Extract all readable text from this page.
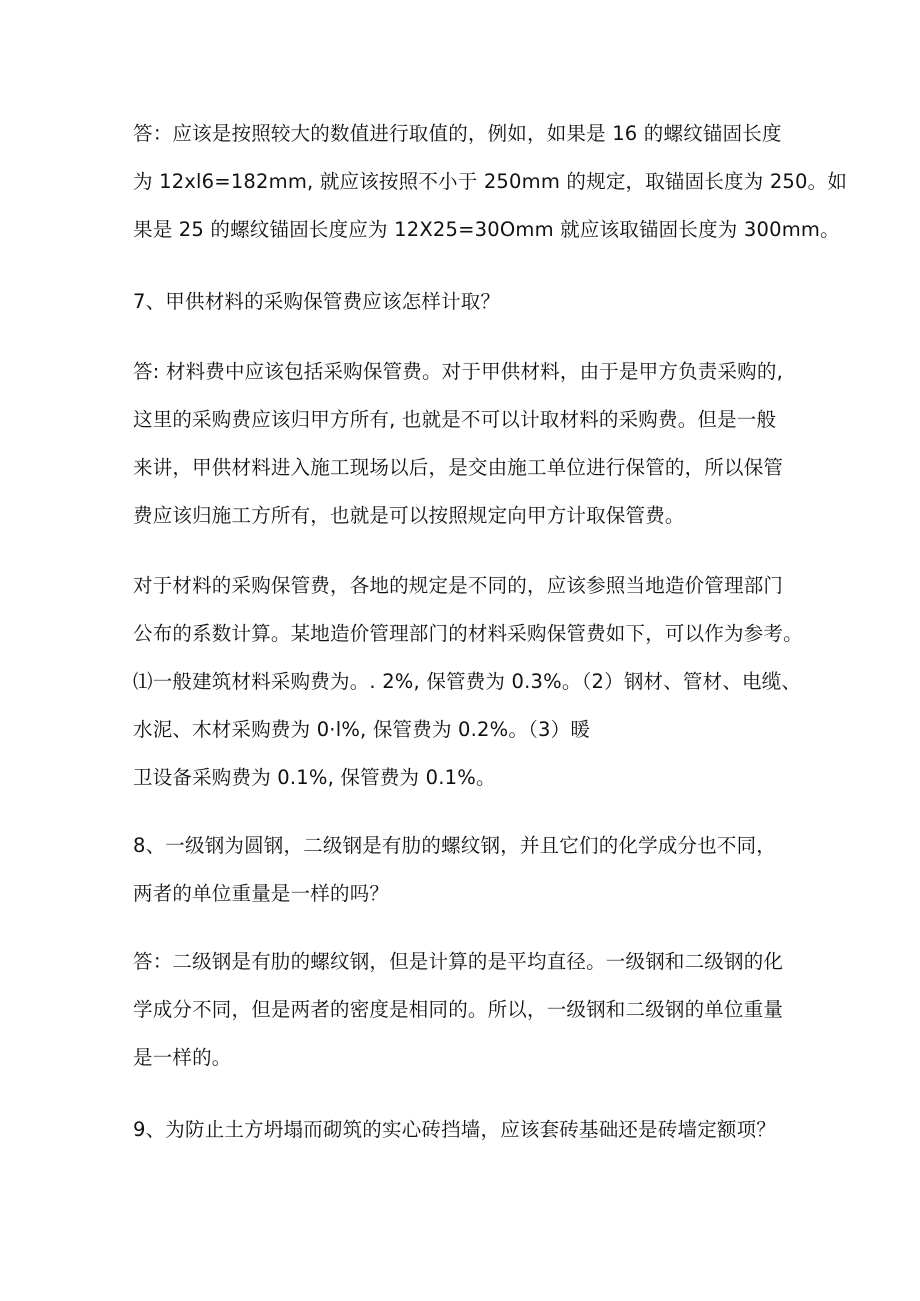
答：应该是按照较大的数值进行取值的，例如，如果是 16 的螺纹锚固长度
为 12xl6=182mm, 就应该按照不小于 250mm 的规定，取锚固长度为 250。如
果是 25 的螺纹锚固长度应为 12X25=30Omm 就应该取锚固长度为 300mm。

7、甲供材料的采购保管费应该怎样计取？

答: 材料费中应该包括采购保管费。对于甲供材料，由于是甲方负责采购的,
这里的采购费应该归甲方所有, 也就是不可以计取材料的采购费。但是一般
来讲，甲供材料进入施工现场以后，是交由施工单位进行保管的，所以保管
费应该归施工方所有，也就是可以按照规定向甲方计取保管费。

对于材料的采购保管费，各地的规定是不同的，应该参照当地造价管理部门
公布的系数计算。某地造价管理部门的材料采购保管费如下，可以作为参考。
⑴一般建筑材料采购费为。. 2%, 保管费为 0.3%。（2）钢材、管材、电缆、
水泥、木材采购费为 0·l%, 保管费为 0.2%。（3）暖
卫设备采购费为 0.1%, 保管费为 0.1%。

8、一级钢为圆钢，二级钢是有肋的螺纹钢，并且它们的化学成分也不同，
两者的单位重量是一样的吗？

答：二级钢是有肋的螺纹钢，但是计算的是平均直径。一级钢和二级钢的化
学成分不同，但是两者的密度是相同的。所以，一级钢和二级钢的单位重量
是一样的。

9、为防止土方坍塌而砌筑的实心砖挡墙，应该套砖基础还是砖墙定额项？
